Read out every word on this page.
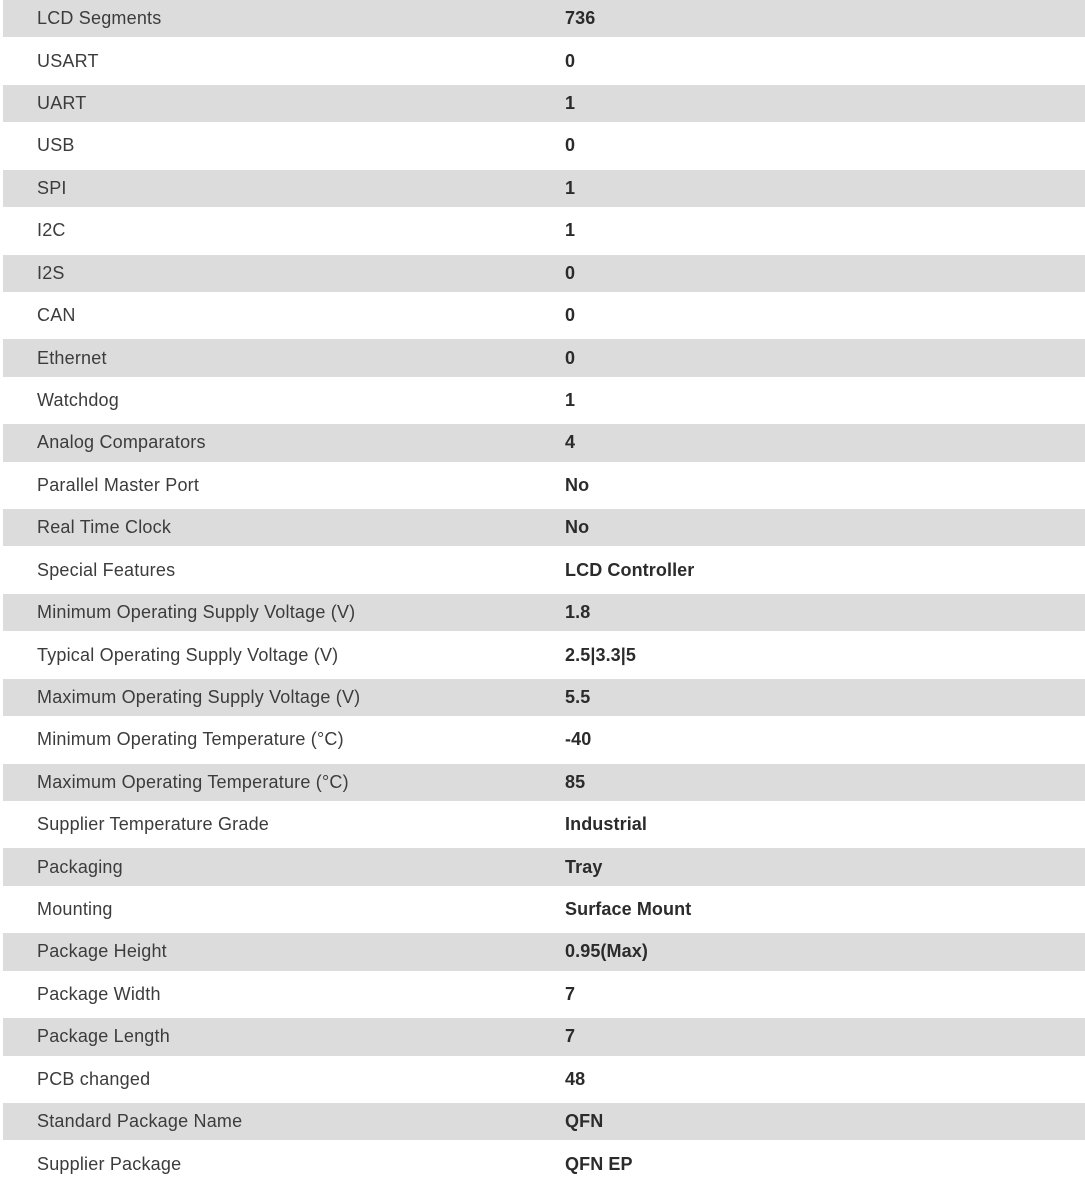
LCD Segments	736
USART	0
UART	1
USB	0
SPI	1
I2C	1
I2S	0
CAN	0
Ethernet	0
Watchdog	1
Analog Comparators	4
Parallel Master Port	No
Real Time Clock	No
Special Features	LCD Controller
Minimum Operating Supply Voltage (V)	1.8
Typical Operating Supply Voltage (V)	2.5|3.3|5
Maximum Operating Supply Voltage (V)	5.5
Minimum Operating Temperature (°C)	-40
Maximum Operating Temperature (°C)	85
Supplier Temperature Grade	Industrial
Packaging	Tray
Mounting	Surface Mount
Package Height	0.95(Max)
Package Width	7
Package Length	7
PCB changed	48
Standard Package Name	QFN
Supplier Package	QFN EP
